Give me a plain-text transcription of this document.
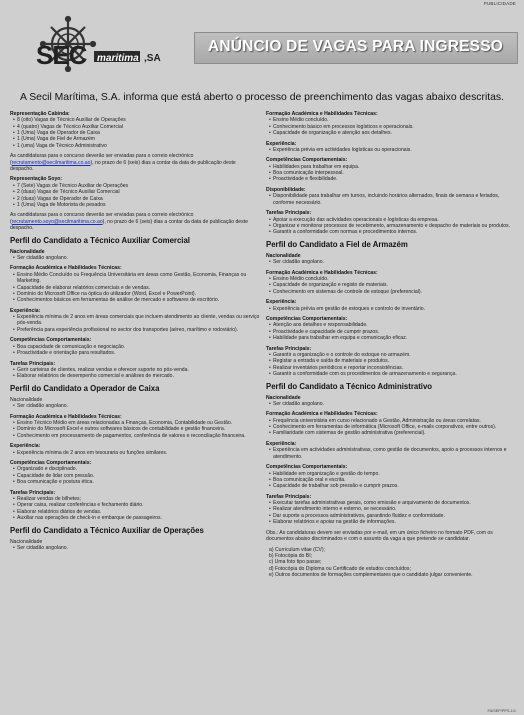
PUBLICIDADE
SEC maritima ,SA
ANÚNCIO DE VAGAS PARA INGRESSO
A Secil Marítima, S.A. informa que está aberto o processo de preenchimento das vagas abaixo descritas.
Representação Cabinda:
• 8 (oito) Vagas de Técnico Auxiliar de Operações
• 4 (quatro) Vagas de Técnico Auxiliar Comercial
• 1 (Uma) Vaga de Operador de Caixa
• 1 (Uma) Vaga de Fiel de Armazém
• 1 (uma) Vaga de Técnico Administrativo
As candidaturas para o concurso deverão ser enviadas para o correio electrónico (recrutamento@secilmaritima.co.ao), no prazo de 6 (seis) dias a contar da data de publicação deste despacho.
Representação Soyo:
• 7 (Sete) Vagas de Técnico Auxiliar de Operações
• 2 (duas) Vagas de Técnico Auxiliar Comercial
• 2 (duas) Vagas de Operador de Caixa
• 1 (Uma) Vaga de Motorista de pesados
As candidaturas para o concurso deverão ser enviadas para o correio electrónico (recrutamento.soyo@secilmaritima.co.ao), no prazo de 6 (seis) dias a contar da data de publicação deste despacho.
Perfil do Candidato a Técnico Auxiliar Comercial
Nacionalidade
• Ser cidadão angolano.
Formação Académica e Habilidades Técnicas:
• Ensino Médio Concluído ou Frequência Universitária em áreas como Gestão, Economia, Finanças ou Marketing.
• Capacidade de elaborar relatórios comerciais e de vendas.
• Domínio do Microsoft Office na óptica do utilizador (Word, Excel e PowerPoint).
• Conhecimentos básicos em ferramentas de análise de mercado e softwares de escritório.
Experiência:
• Experiência mínima de 2 anos em áreas comerciais que incluem atendimento ao cliente, vendas ou serviço pós-venda.
• Preferência para experiência profissional no sector dos transportes (aéreo, marítimo e rodoviário).
Competências Comportamentais:
• Boa capacidade de comunicação e negociação.
• Proactividade e orientação para resultados.
Tarefas Principais:
• Gerir carteiras de clientes, realizar vendas e oferecer suporte no pós-venda.
• Elaborar relatórios de desempenho comercial e análises de mercado.
Perfil do Candidato a Operador de Caixa
Nacionalidade
• Ser cidadão angolano.
Formação Académica e Habilidades Técnicas:
• Ensino Técnico Médio em áreas relacionadas a Finanças, Economia, Contabilidade ou Gestão.
• Domínio do Microsoft Excel e outros softwares básicos de contabilidade e gestão financeira.
• Conhecimento em processamento de pagamentos, conferência de valores e reconciliação financeira.
Experiência:
• Experiência mínima de 2 anos em tesouraria ou funções similares.
Competências Comportamentais:
• Organizado e disciplinado.
• Capacidade de lidar com pressão.
• Boa comunicação e postura ética.
Tarefas Principais:
• Realizar vendas de bilhetes;
• Operar caixa, realizar conferências e fechamento diário.
• Elaborar relatórios diários de vendas.
• Auxiliar nas operações de check-in e embarque de passageiros.
Perfil do Candidato a Técnico Auxiliar de Operações
Nacionalidade
• Ser cidadão angolano.
Formação Académica e Habilidades Técnicas:
• Ensino Médio concluído.
• Conhecimento básico em processos logísticos e operacionais.
• Capacidade de organização e atenção aos detalhes.
Experiência:
• Experiência prévia em actividades logísticas ou operacionais.
Competências Comportamentais:
• Habilidades para trabalhar em equipa.
• Boa comunicação interpessoal.
• Proactividade e flexibilidade.
Disponibilidade:
• Disponibilidade para trabalhar em turnos, incluindo horários alternados, finais de semana e feriados, conforme necessário.
Tarefas Principais:
• Apoiar a execução das actividades operacionais e logísticas da empresa.
• Organizar e monitorar processos de recebimento, armazenamento e despacho de materiais ou produtos.
• Garantir a conformidade com normas e procedimentos internos.
Perfil do Candidato a Fiel de Armazém
Nacionalidade
• Ser cidadão angolano.
Formação Académica e Habilidades Técnicas:
• Ensino Médio concluído.
• Capacidade de organização e registo de materiais.
• Conhecimento em sistemas de controle de estoque (preferencial).
Experiência:
• Experiência prévia em gestão de estoques e controlo de inventário.
Competências Comportamentais:
• Atenção aos detalhes e responsabilidade.
• Proactividade e capacidade de cumprir prazos.
• Habilidade para trabalhar em equipa e comunicação eficaz.
Tarefas Principais:
• Garantir a organização e o controle do estoque no armazém.
• Registar a entrada e saída de materiais e produtos.
• Realizar inventários periódicos e reportar inconsistências.
• Garantir a conformidade com os procedimentos de armazenamento e segurança.
Perfil do Candidato a Técnico Administrativo
Nacionalidade
• Ser cidadão angolano.
Formação Académica e Habilidades Técnicas:
• Frequência universitária em curso relacionado a Gestão, Administração ou áreas correlatas.
• Conhecimento em ferramentas de informática (Microsoft Office, e-mails corporativos, entre outros).
• Familiaridade com sistemas de gestão administrativa (preferencial).
Experiência:
• Experiência em actividades administrativas, como gestão de documentos, apoio a processos internos e atendimento.
Competências Comportamentais:
• Habilidade em organização e gestão do tempo.
• Boa comunicação oral e escrita.
• Capacidade de trabalhar sob pressão e cumprir prazos.
Tarefas Principais:
• Executar tarefas administrativas gerais, como emissão e arquivamento de documentos.
• Realizar atendimento interno e externo, se necessário.
• Dar suporte a processos administrativos, garantindo fluidez e conformidade.
• Elaborar relatórios e apoiar na gestão de informações.
Obs.: As candidaturas devem ser enviadas por e-mail, em um único ficheiro no formato PDF, com os documentos abaixo discriminados e com o assunto da vaga a que pretende se candidatar.
a) Curriculum vitae (CV);
b) Fotocópia do BI;
c) Uma foto tipo passe;
d) Fotocópia do Diploma ou Certificado de estudos concluídos;
e) Outros documentos de formações complementares que o candidato julgar conveniente.
FA/SEP/PPS-1/1
